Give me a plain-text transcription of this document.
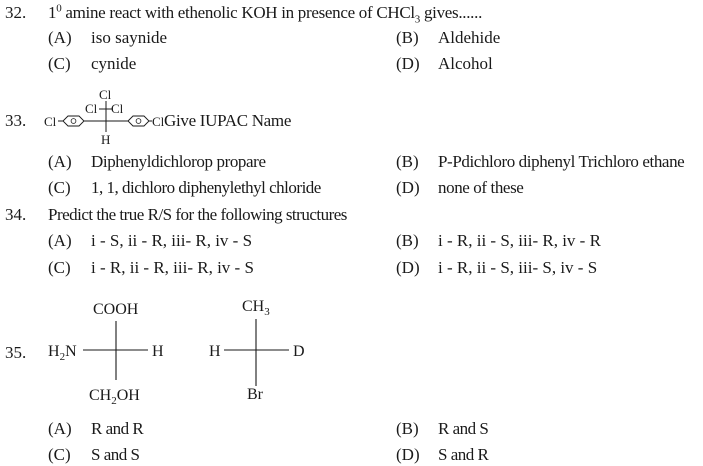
32. $1^0$ amine react with ethenolic KOH in presence of CHCl$_3$ gives......
(A) iso saynide	(B) Aldehide
(C) cynide	(D) Alcohol
33.
Cl
Cl Cl
Cl	Cl
H
Give IUPAC Name
(A) Diphenyldichlorop propare	(B) P-Pdichloro diphenyl Trichloro ethane
(C) 1, 1, dichloro diphenylethyl chloride	(D) none of these
34. Predict the true R/S for the following structures
(A) i - S, ii - R, iii- R, iv - S	(B) i - R, ii - S, iii- R, iv - R
(C) i - R, ii - R, iii- R, iv - S	(D) i - R, ii - S, iii- S, iv - S
35.
COOH
$H_2N$	H
$CH_2OH$
$CH_3$
H	D
Br
(A) R and R	(B) R and S
(C) S and S	(D) S and R
